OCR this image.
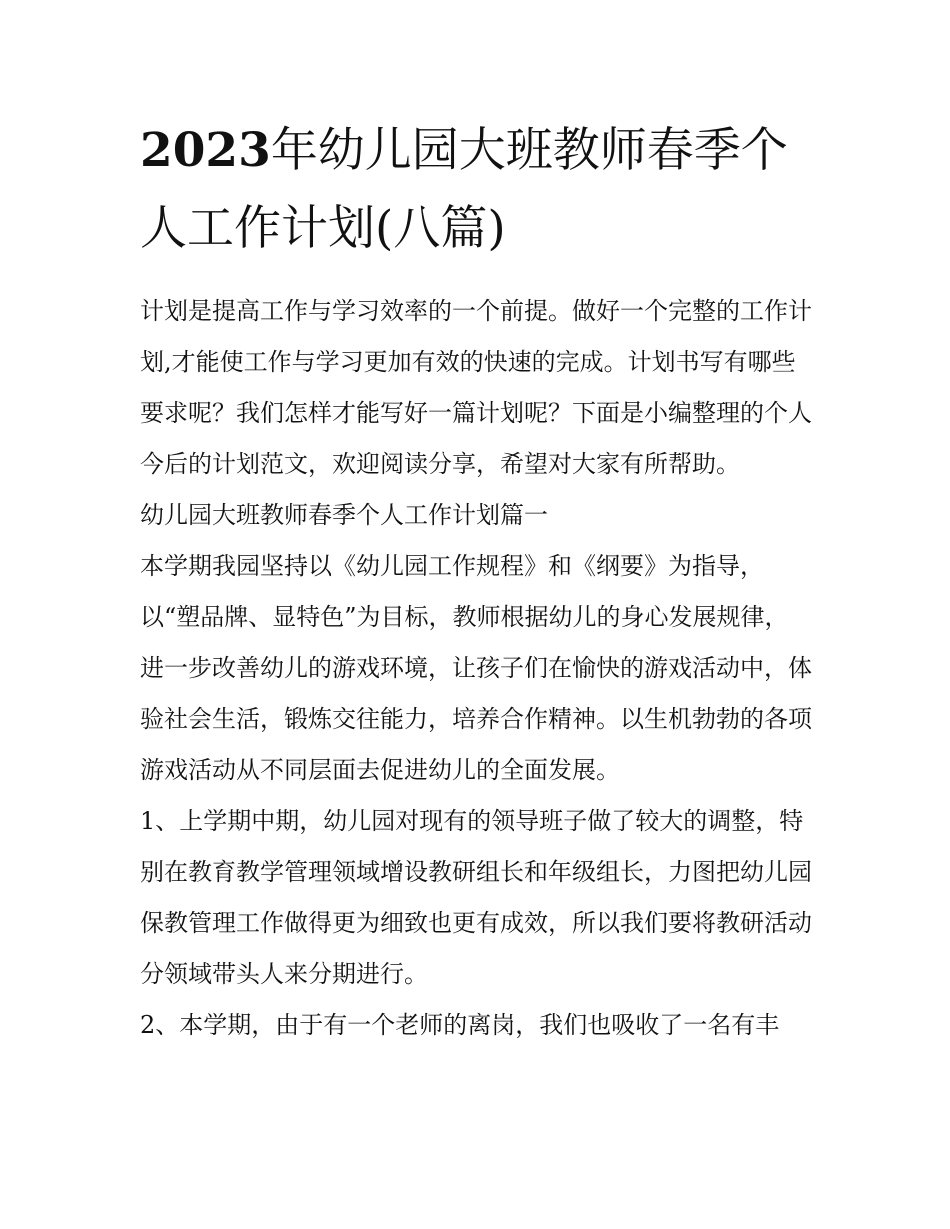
2023年幼儿园大班教师春季个人工作计划(八篇)

计划是提高工作与学习效率的一个前提。做好一个完整的工作计划,才能使工作与学习更加有效的快速的完成。计划书写有哪些要求呢？我们怎样才能写好一篇计划呢？下面是小编整理的个人今后的计划范文，欢迎阅读分享，希望对大家有所帮助。

幼儿园大班教师春季个人工作计划篇一

本学期我园坚持以《幼儿园工作规程》和《纲要》为指导，以“塑品牌、显特色”为目标，教师根据幼儿的身心发展规律，进一步改善幼儿的游戏环境，让孩子们在愉快的游戏活动中，体验社会生活，锻炼交往能力，培养合作精神。以生机勃勃的各项游戏活动从不同层面去促进幼儿的全面发展。

1、上学期中期，幼儿园对现有的领导班子做了较大的调整，特别在教育教学管理领域增设教研组长和年级组长，力图把幼儿园保教管理工作做得更为细致也更有成效，所以我们要将教研活动分领域带头人来分期进行。

2、本学期，由于有一个老师的离岗，我们也吸收了一名有丰
